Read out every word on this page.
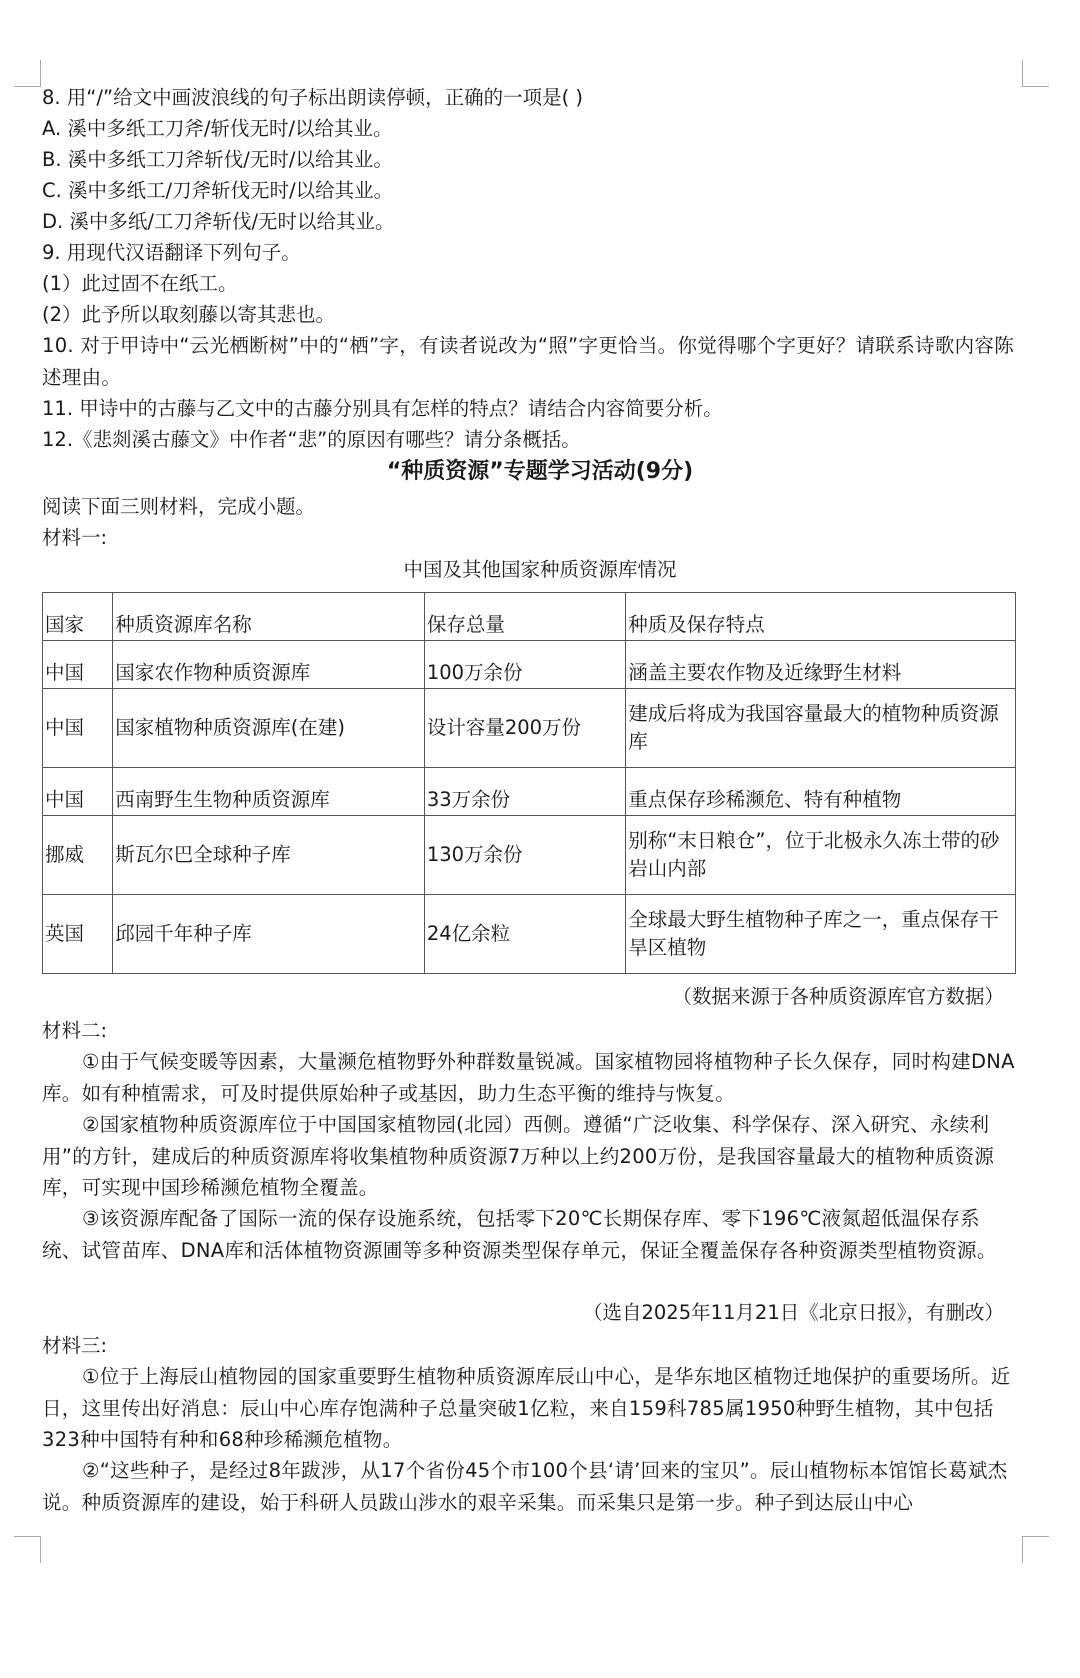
8. 用“/”给文中画波浪线的句子标出朗读停顿，正确的一项是( )
A. 溪中多纸工刀斧/斩伐无时/以给其业。
B. 溪中多纸工刀斧斩伐/无时/以给其业。
C. 溪中多纸工/刀斧斩伐无时/以给其业。
D. 溪中多纸/工刀斧斩伐/无时以给其业。
9. 用现代汉语翻译下列句子。
(1）此过固不在纸工。
(2）此予所以取刻藤以寄其悲也。
10. 对于甲诗中“云光栖断树”中的“栖”字，有读者说改为“照”字更恰当。你觉得哪个字更好？请联系诗歌内容陈述理由。
11. 甲诗中的古藤与乙文中的古藤分别具有怎样的特点？请结合内容简要分析。
12.《悲剡溪古藤文》中作者“悲”的原因有哪些？请分条概括。
“种质资源”专题学习活动(9分)
阅读下面三则材料，完成小题。
材料一:
中国及其他国家种质资源库情况
国家	种质资源库名称	保存总量	种质及保存特点
中国	国家农作物种质资源库	100万余份	涵盖主要农作物及近缘野生材料
中国	国家植物种质资源库(在建)	设计容量200万份	建成后将成为我国容量最大的植物种质资源库
中国	西南野生生物种质资源库	33万余份	重点保存珍稀濒危、特有种植物
挪威	斯瓦尔巴全球种子库	130万余份	别称“末日粮仓”，位于北极永久冻土带的砂岩山内部
英国	邱园千年种子库	24亿余粒	全球最大野生植物种子库之一，重点保存干旱区植物
（数据来源于各种质资源库官方数据）
材料二:
①由于气候变暖等因素，大量濒危植物野外种群数量锐减。国家植物园将植物种子长久保存，同时构建DNA库。如有种植需求，可及时提供原始种子或基因，助力生态平衡的维持与恢复。
②国家植物种质资源库位于中国国家植物园(北园）西侧。遵循“广泛收集、科学保存、深入研究、永续利用”的方针，建成后的种质资源库将收集植物种质资源7万种以上约200万份，是我国容量最大的植物种质资源库，可实现中国珍稀濒危植物全覆盖。
③该资源库配备了国际一流的保存设施系统，包括零下20℃长期保存库、零下196℃液氮超低温保存系统、试管苗库、DNA库和活体植物资源圃等多种资源类型保存单元，保证全覆盖保存各种资源类型植物资源。
（选自2025年11月21日《北京日报》，有删改）
材料三:
①位于上海辰山植物园的国家重要野生植物种质资源库辰山中心，是华东地区植物迁地保护的重要场所。近日，这里传出好消息：辰山中心库存饱满种子总量突破1亿粒，来自159科785属1950种野生植物，其中包括323种中国特有种和68种珍稀濒危植物。
②“这些种子，是经过8年跋涉，从17个省份45个市100个县‘请’回来的宝贝”。辰山植物标本馆馆长葛斌杰说。种质资源库的建设，始于科研人员跋山涉水的艰辛采集。而采集只是第一步。种子到达辰山中心
